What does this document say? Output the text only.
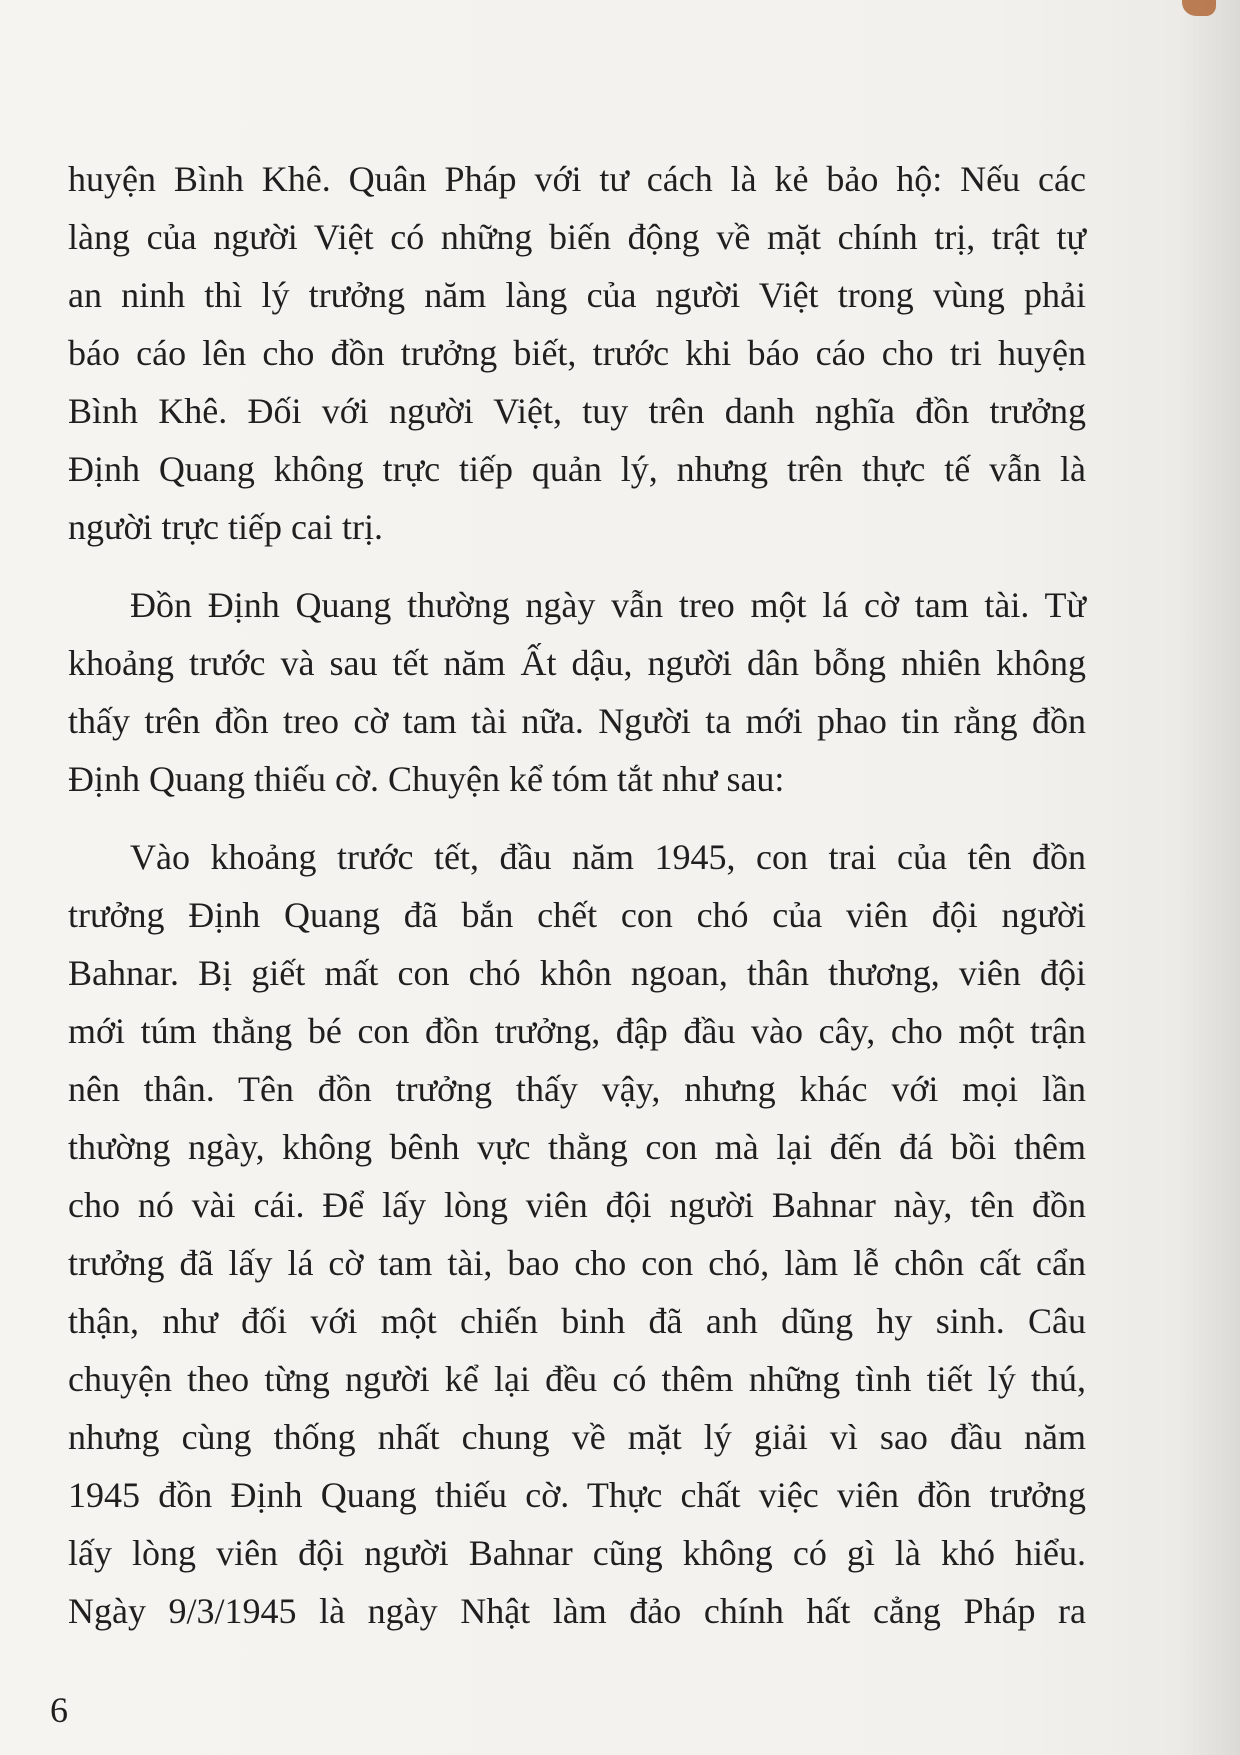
huyện Bình Khê. Quân Pháp với tư cách là kẻ bảo hộ: Nếu các
làng của người Việt có những biến động về mặt chính trị, trật tự
an ninh thì lý trưởng năm làng của người Việt trong vùng phải
báo cáo lên cho đồn trưởng biết, trước khi báo cáo cho tri huyện
Bình Khê. Đối với người Việt, tuy trên danh nghĩa đồn trưởng
Định Quang không trực tiếp quản lý, nhưng trên thực tế vẫn là
người trực tiếp cai trị.
Đồn Định Quang thường ngày vẫn treo một lá cờ tam tài. Từ
khoảng trước và sau tết năm Ất dậu, người dân bỗng nhiên không
thấy trên đồn treo cờ tam tài nữa. Người ta mới phao tin rằng đồn
Định Quang thiếu cờ. Chuyện kể tóm tắt như sau:
Vào khoảng trước tết, đầu năm 1945, con trai của tên đồn
trưởng Định Quang đã bắn chết con chó của viên đội người
Bahnar. Bị giết mất con chó khôn ngoan, thân thương, viên đội
mới túm thằng bé con đồn trưởng, đập đầu vào cây, cho một trận
nên thân. Tên đồn trưởng thấy vậy, nhưng khác với mọi lần
thường ngày, không bênh vực thằng con mà lại đến đá bồi thêm
cho nó vài cái. Để lấy lòng viên đội người Bahnar này, tên đồn
trưởng đã lấy lá cờ tam tài, bao cho con chó, làm lễ chôn cất cẩn
thận, như đối với một chiến binh đã anh dũng hy sinh. Câu
chuyện theo từng người kể lại đều có thêm những tình tiết lý thú,
nhưng cùng thống nhất chung về mặt lý giải vì sao đầu năm
1945 đồn Định Quang thiếu cờ. Thực chất việc viên đồn trưởng
lấy lòng viên đội người Bahnar cũng không có gì là khó hiểu.
Ngày 9/3/1945 là ngày Nhật làm đảo chính hất cẳng Pháp ra
6
